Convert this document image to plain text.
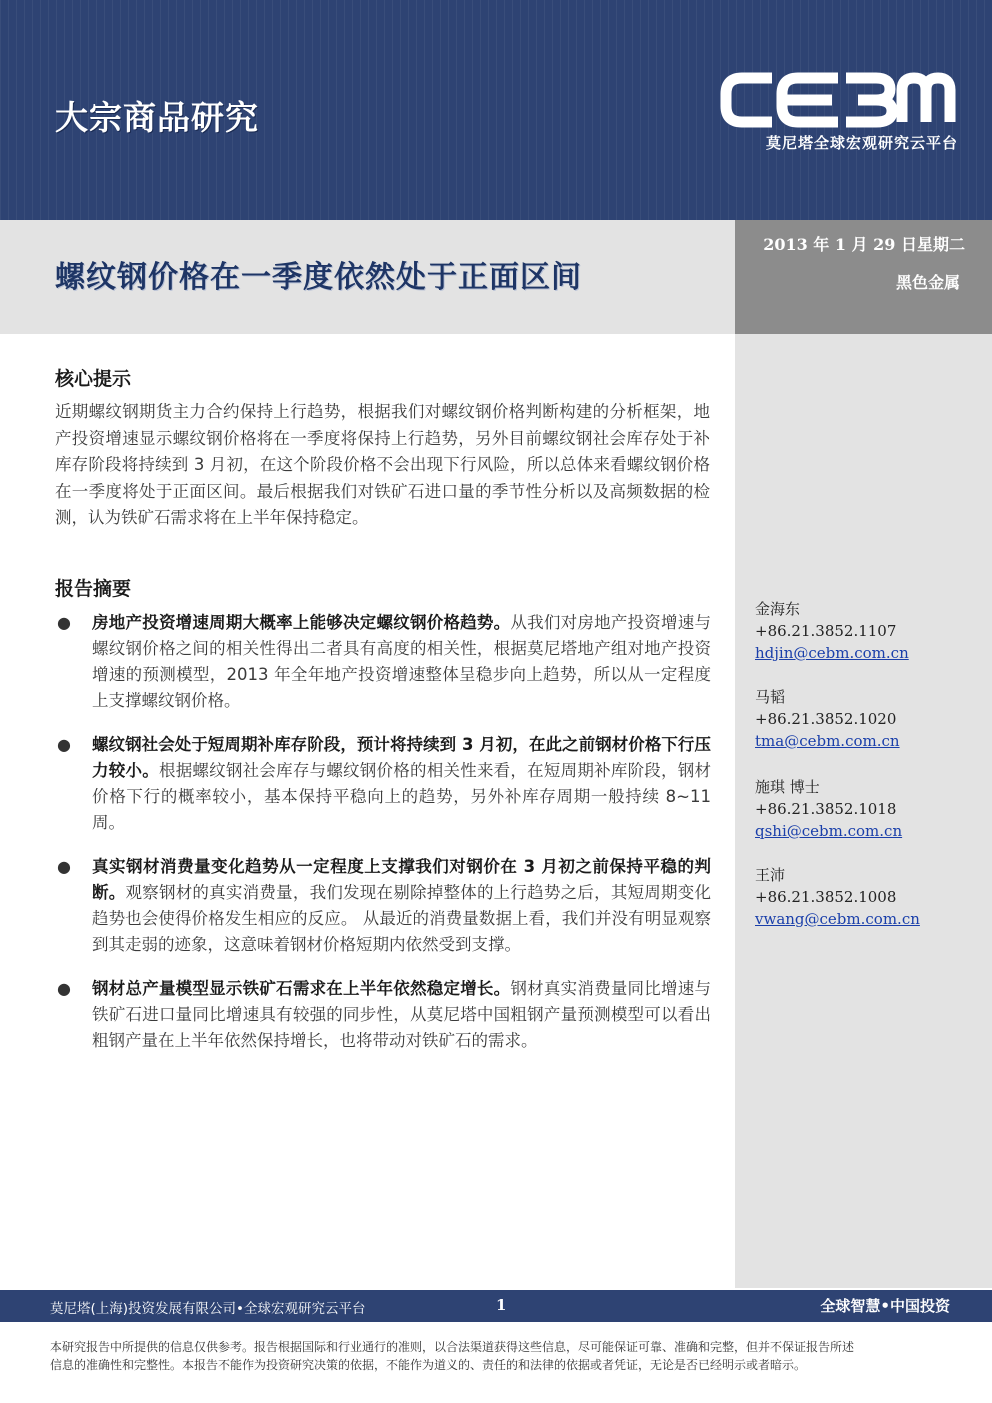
大宗商品研究
莫尼塔全球宏观研究云平台
螺纹钢价格在一季度依然处于正面区间
2013 年 1 月 29 日星期二
黑色金属
金海东
+86.21.3852.1107
hdjin@cebm.com.cn
马韬
+86.21.3852.1020
tma@cebm.com.cn
施琪 博士
+86.21.3852.1018
qshi@cebm.com.cn
王沛
+86.21.3852.1008
vwang@cebm.com.cn
核心提示
近期螺纹钢期货主力合约保持上行趋势，根据我们对螺纹钢价格判断构建的分析框架，地产投资增速显示螺纹钢价格将在一季度将保持上行趋势，另外目前螺纹钢社会库存处于补库存阶段将持续到 3 月初，在这个阶段价格不会出现下行风险，所以总体来看螺纹钢价格在一季度将处于正面区间。最后根据我们对铁矿石进口量的季节性分析以及高频数据的检测，认为铁矿石需求将在上半年保持稳定。
报告摘要
● 房地产投资增速周期大概率上能够决定螺纹钢价格趋势。从我们对房地产投资增速与螺纹钢价格之间的相关性得出二者具有高度的相关性，根据莫尼塔地产组对地产投资增速的预测模型，2013 年全年地产投资增速整体呈稳步向上趋势，所以从一定程度上支撑螺纹钢价格。
● 螺纹钢社会处于短周期补库存阶段，预计将持续到 3 月初，在此之前钢材价格下行压力较小。根据螺纹钢社会库存与螺纹钢价格的相关性来看，在短周期补库阶段，钢材价格下行的概率较小，基本保持平稳向上的趋势，另外补库存周期一般持续 8~11 周。
● 真实钢材消费量变化趋势从一定程度上支撑我们对钢价在 3 月初之前保持平稳的判断。观察钢材的真实消费量，我们发现在剔除掉整体的上行趋势之后，其短周期变化趋势也会使得价格发生相应的反应。 从最近的消费量数据上看，我们并没有明显观察到其走弱的迹象，这意味着钢材价格短期内依然受到支撑。
● 钢材总产量模型显示铁矿石需求在上半年依然稳定增长。钢材真实消费量同比增速与铁矿石进口量同比增速具有较强的同步性，从莫尼塔中国粗钢产量预测模型可以看出粗钢产量在上半年依然保持增长，也将带动对铁矿石的需求。
莫尼塔(上海)投资发展有限公司•全球宏观研究云平台	1	全球智慧•中国投资
本研究报告中所提供的信息仅供参考。报告根据国际和行业通行的准则，以合法渠道获得这些信息，尽可能保证可靠、准确和完整，但并不保证报告所述
信息的准确性和完整性。本报告不能作为投资研究决策的依据，不能作为道义的、责任的和法律的依据或者凭证，无论是否已经明示或者暗示。
